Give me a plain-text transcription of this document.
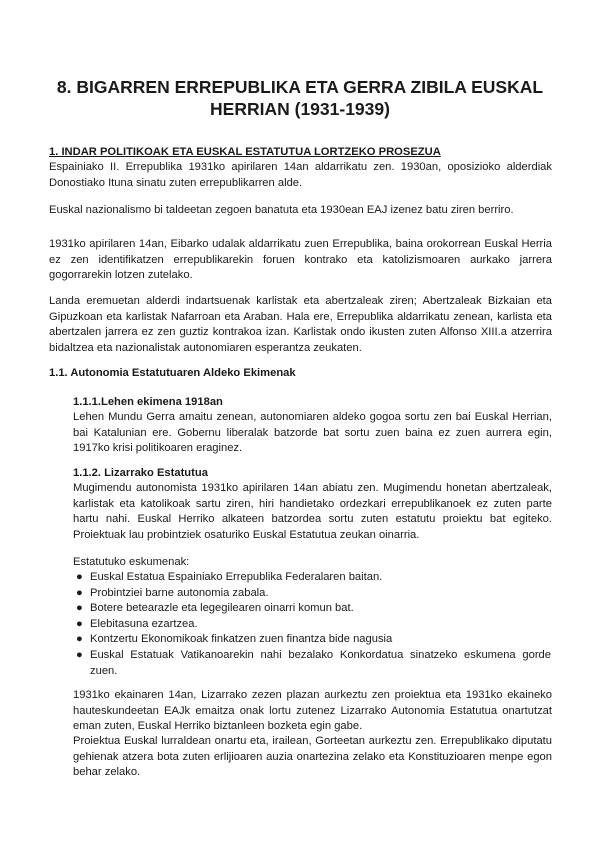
8. BIGARREN ERREPUBLIKA ETA GERRA ZIBILA EUSKAL
HERRIAN (1931-1939)

1. INDAR POLITIKOAK ETA EUSKAL ESTATUTUA LORTZEKO PROSEZUA

Espainiako II. Errepublika 1931ko apirilaren 14an aldarrikatu zen. 1930an, oposizioko alderdiak Donostiako Ituna sinatu zuten errepublikarren alde.

Euskal nazionalismo bi taldeetan zegoen banatuta eta 1930ean EAJ izenez batu ziren berriro.

1931ko apirilaren 14an, Eibarko udalak aldarrikatu zuen Errepublika, baina orokorrean Euskal Herria ez zen identifikatzen errepublikarekin foruen kontrako eta katolizismoaren aurkako jarrera gogorrarekin lotzen zutelako.

Landa eremuetan alderdi indartsuenak karlistak eta abertzaleak ziren; Abertzaleak Bizkaian eta Gipuzkoan eta karlistak Nafarroan eta Araban. Hala ere, Errepublika aldarrikatu zenean, karlista eta abertzalen jarrera ez zen guztiz kontrakoa izan. Karlistak ondo ikusten zuten Alfonso XIII.a atzerrira bidaltzea eta nazionalistak autonomiaren esperantza zeukaten.

1.1. Autonomia Estatutuaren Aldeko Ekimenak

1.1.1.Lehen ekimena 1918an

Lehen Mundu Gerra amaitu zenean, autonomiaren aldeko gogoa sortu zen bai Euskal Herrian, bai Katalunian ere. Gobernu liberalak batzorde bat sortu zuen baina ez zuen aurrera egin, 1917ko krisi politikoaren eraginez.

1.1.2. Lizarrako Estatutua

Mugimendu autonomista 1931ko apirilaren 14an abiatu zen. Mugimendu honetan abertzaleak, karlistak eta katolikoak sartu ziren, hiri handietako ordezkari errepublikanoek ez zuten parte hartu nahi. Euskal Herriko alkateen batzordea sortu zuten estatutu proiektu bat egiteko. Proiektuak lau probintziek osaturiko Euskal Estatutua zeukan oinarria.

Estatutuko eskumenak:

● Euskal Estatua Espainiako Errepublika Federalaren baitan.
● Probintziei barne autonomia zabala.
● Botere betearazle eta legegilearen oinarri komun bat.
● Elebitasuna ezartzea.
● Kontzertu Ekonomikoak finkatzen zuen finantza bide nagusia
● Euskal Estatuak Vatikanoarekin nahi bezalako Konkordatua sinatzeko eskumena gorde zuen.

1931ko ekainaren 14an, Lizarrako zezen plazan aurkeztu zen proiektua eta 1931ko ekaineko hauteskundeetan EAJk emaitza onak lortu zutenez Lizarrako Autonomia Estatutua onartutzat eman zuten, Euskal Herriko biztanleen bozketa egin gabe.

Proiektua Euskal lurraldean onartu eta, irailean, Gorteetan aurkeztu zen. Errepublikako diputatu gehienak atzera bota zuten erlijioaren auzia onartezina zelako eta Konstituzioaren menpe egon behar zelako.
